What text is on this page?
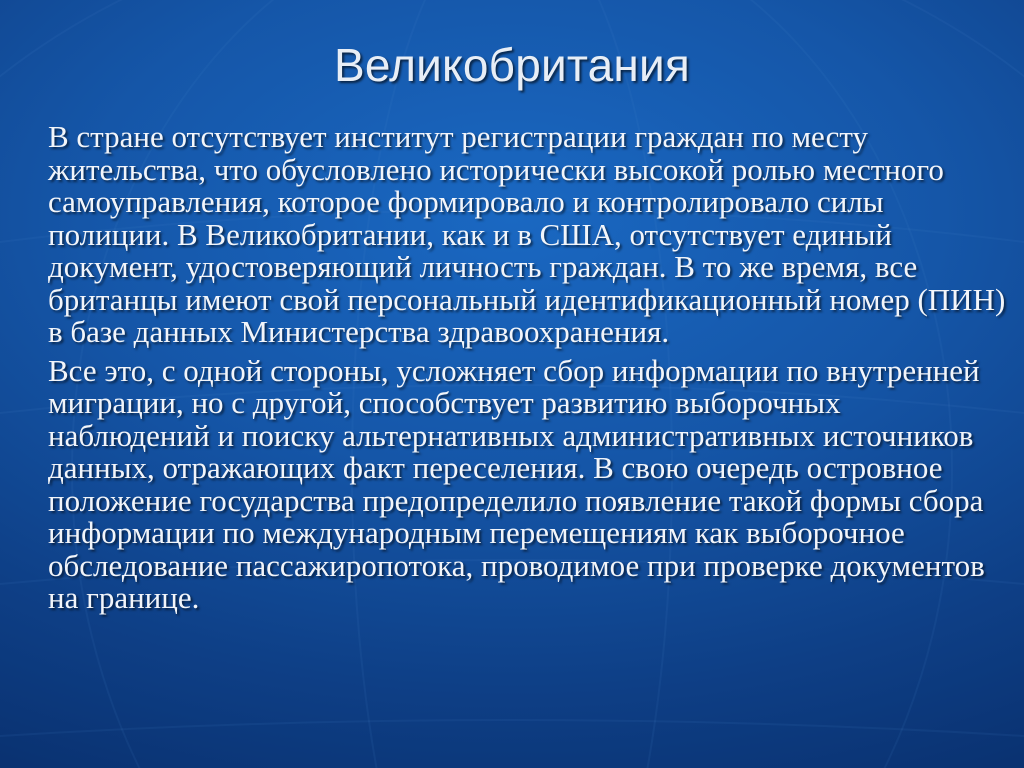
Великобритания

В стране отсутствует институт регистрации граждан по месту жительства, что обусловлено исторически высокой ролью местного самоуправления, которое формировало и контролировало силы полиции. В Великобритании, как и в США, отсутствует единый документ, удостоверяющий личность граждан. В то же время, все британцы имеют свой персональный идентификационный номер (ПИН) в базе данных Министерства здравоохранения.

Все это, с одной стороны, усложняет сбор информации по внутренней миграции, но с другой, способствует развитию выборочных наблюдений и поиску альтернативных административных источников данных, отражающих факт переселения. В свою очередь островное положение государства предопределило появление такой формы сбора информации по международным перемещениям как выборочное обследование пассажиропотока, проводимое при проверке документов на границе.
